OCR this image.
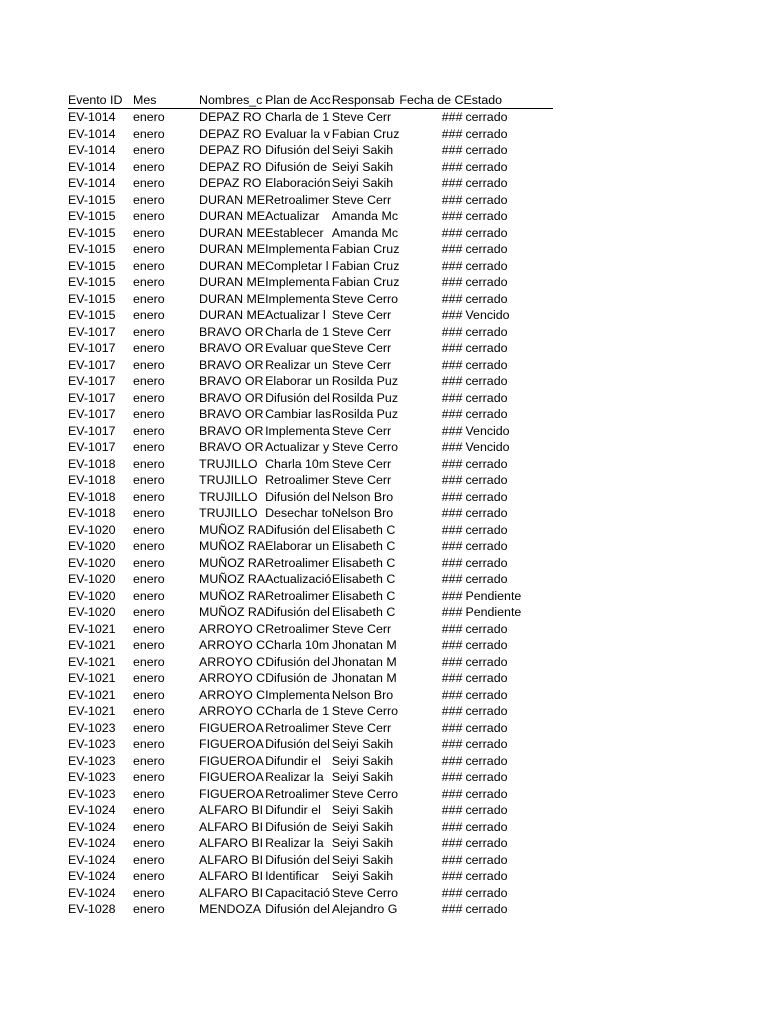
Evento ID	Mes	Nombres_c	Plan de Acc	Responsab	Fecha de C	Estado
EV-1014	enero	DEPAZ RO	Charla de 1	Steve Cerr	###	cerrado
EV-1014	enero	DEPAZ RO	Evaluar la v	Fabian Cruz	###	cerrado
EV-1014	enero	DEPAZ RO	Difusión del	Seiyi Sakih	###	cerrado
EV-1014	enero	DEPAZ RO	Difusión de	Seiyi Sakih	###	cerrado
EV-1014	enero	DEPAZ RO	Elaboración	Seiyi Sakih	###	cerrado
EV-1015	enero	DURAN ME	Retroalimer	Steve Cerr	###	cerrado
EV-1015	enero	DURAN ME	Actualizar	Amanda Mc	###	cerrado
EV-1015	enero	DURAN ME	Establecer	Amanda Mc	###	cerrado
EV-1015	enero	DURAN ME	Implementa	Fabian Cruz	###	cerrado
EV-1015	enero	DURAN ME	Completar l	Fabian Cruz	###	cerrado
EV-1015	enero	DURAN ME	Implementa	Fabian Cruz	###	cerrado
EV-1015	enero	DURAN ME	Implementa	Steve Cerro	###	cerrado
EV-1015	enero	DURAN ME	Actualizar l	Steve Cerr	###	Vencido
EV-1017	enero	BRAVO OR	Charla de 1	Steve Cerr	###	cerrado
EV-1017	enero	BRAVO OR	Evaluar que	Steve Cerr	###	cerrado
EV-1017	enero	BRAVO OR	Realizar un	Steve Cerr	###	cerrado
EV-1017	enero	BRAVO OR	Elaborar un	Rosilda Puz	###	cerrado
EV-1017	enero	BRAVO OR	Difusión del	Rosilda Puz	###	cerrado
EV-1017	enero	BRAVO OR	Cambiar las	Rosilda Puz	###	cerrado
EV-1017	enero	BRAVO OR	Implementa	Steve Cerr	###	Vencido
EV-1017	enero	BRAVO OR	Actualizar y	Steve Cerro	###	Vencido
EV-1018	enero	TRUJILLO	Charla 10m	Steve Cerr	###	cerrado
EV-1018	enero	TRUJILLO	Retroalimer	Steve Cerr	###	cerrado
EV-1018	enero	TRUJILLO	Difusión del	Nelson Bro	###	cerrado
EV-1018	enero	TRUJILLO	Desechar to	Nelson Bro	###	cerrado
EV-1020	enero	MUÑOZ RA	Difusión del	Elisabeth C	###	cerrado
EV-1020	enero	MUÑOZ RA	Elaborar un	Elisabeth C	###	cerrado
EV-1020	enero	MUÑOZ RA	Retroalimer	Elisabeth C	###	cerrado
EV-1020	enero	MUÑOZ RA	Actualizació	Elisabeth C	###	cerrado
EV-1020	enero	MUÑOZ RA	Retroalimer	Elisabeth C	###	Pendiente
EV-1020	enero	MUÑOZ RA	Difusión del	Elisabeth C	###	Pendiente
EV-1021	enero	ARROYO C	Retroalimer	Steve Cerr	###	cerrado
EV-1021	enero	ARROYO C	Charla 10m	Jhonatan M	###	cerrado
EV-1021	enero	ARROYO C	Difusión del	Jhonatan M	###	cerrado
EV-1021	enero	ARROYO C	Difusión de	Jhonatan M	###	cerrado
EV-1021	enero	ARROYO C	Implementa	Nelson Bro	###	cerrado
EV-1021	enero	ARROYO C	Charla de 1	Steve Cerro	###	cerrado
EV-1023	enero	FIGUEROA	Retroalimer	Steve Cerr	###	cerrado
EV-1023	enero	FIGUEROA	Difusión del	Seiyi Sakih	###	cerrado
EV-1023	enero	FIGUEROA	Difundir el	Seiyi Sakih	###	cerrado
EV-1023	enero	FIGUEROA	Realizar la	Seiyi Sakih	###	cerrado
EV-1023	enero	FIGUEROA	Retroalimer	Steve Cerro	###	cerrado
EV-1024	enero	ALFARO BI	Difundir el	Seiyi Sakih	###	cerrado
EV-1024	enero	ALFARO BI	Difusión de	Seiyi Sakih	###	cerrado
EV-1024	enero	ALFARO BI	Realizar la	Seiyi Sakih	###	cerrado
EV-1024	enero	ALFARO BI	Difusión del	Seiyi Sakih	###	cerrado
EV-1024	enero	ALFARO BI	Identificar	Seiyi Sakih	###	cerrado
EV-1024	enero	ALFARO BI	Capacitació	Steve Cerro	###	cerrado
EV-1028	enero	MENDOZA	Difusión del	Alejandro G	###	cerrado
